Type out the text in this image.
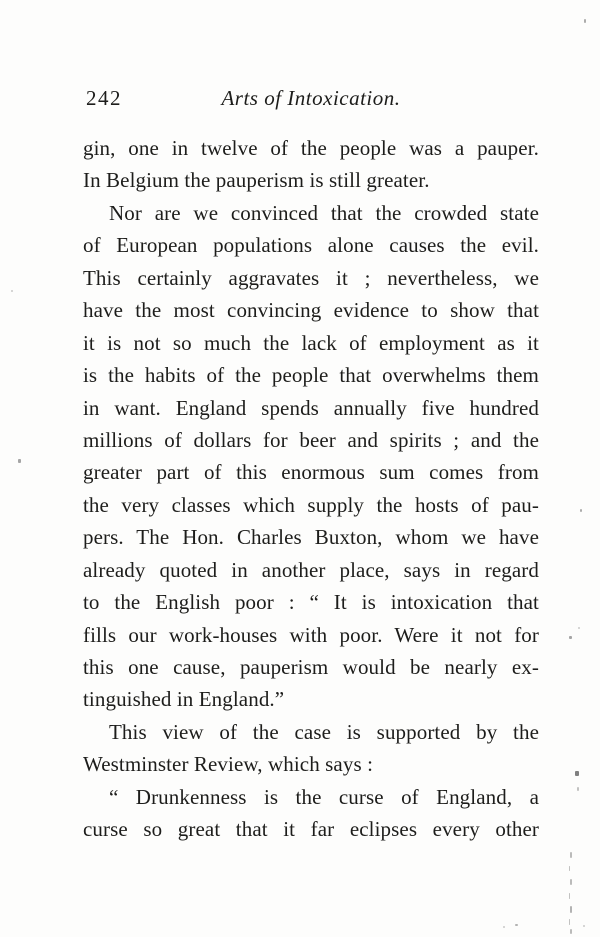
242	Arts of Intoxication.
gin, one in twelve of the people was a pauper.
In Belgium the pauperism is still greater.
Nor are we convinced that the crowded state
of European populations alone causes the evil.
This certainly aggravates it ; nevertheless, we
have the most convincing evidence to show that
it is not so much the lack of employment as it
is the habits of the people that overwhelms them
in want. England spends annually five hundred
millions of dollars for beer and spirits ; and the
greater part of this enormous sum comes from
the very classes which supply the hosts of pau-
pers. The Hon. Charles Buxton, whom we have
already quoted in another place, says in regard
to the English poor : “ It is intoxication that
fills our work-houses with poor. Were it not for
this one cause, pauperism would be nearly ex-
tinguished in England.”
This view of the case is supported by the
Westminster Review, which says :
“ Drunkenness is the curse of England, a
curse so great that it far eclipses every other
